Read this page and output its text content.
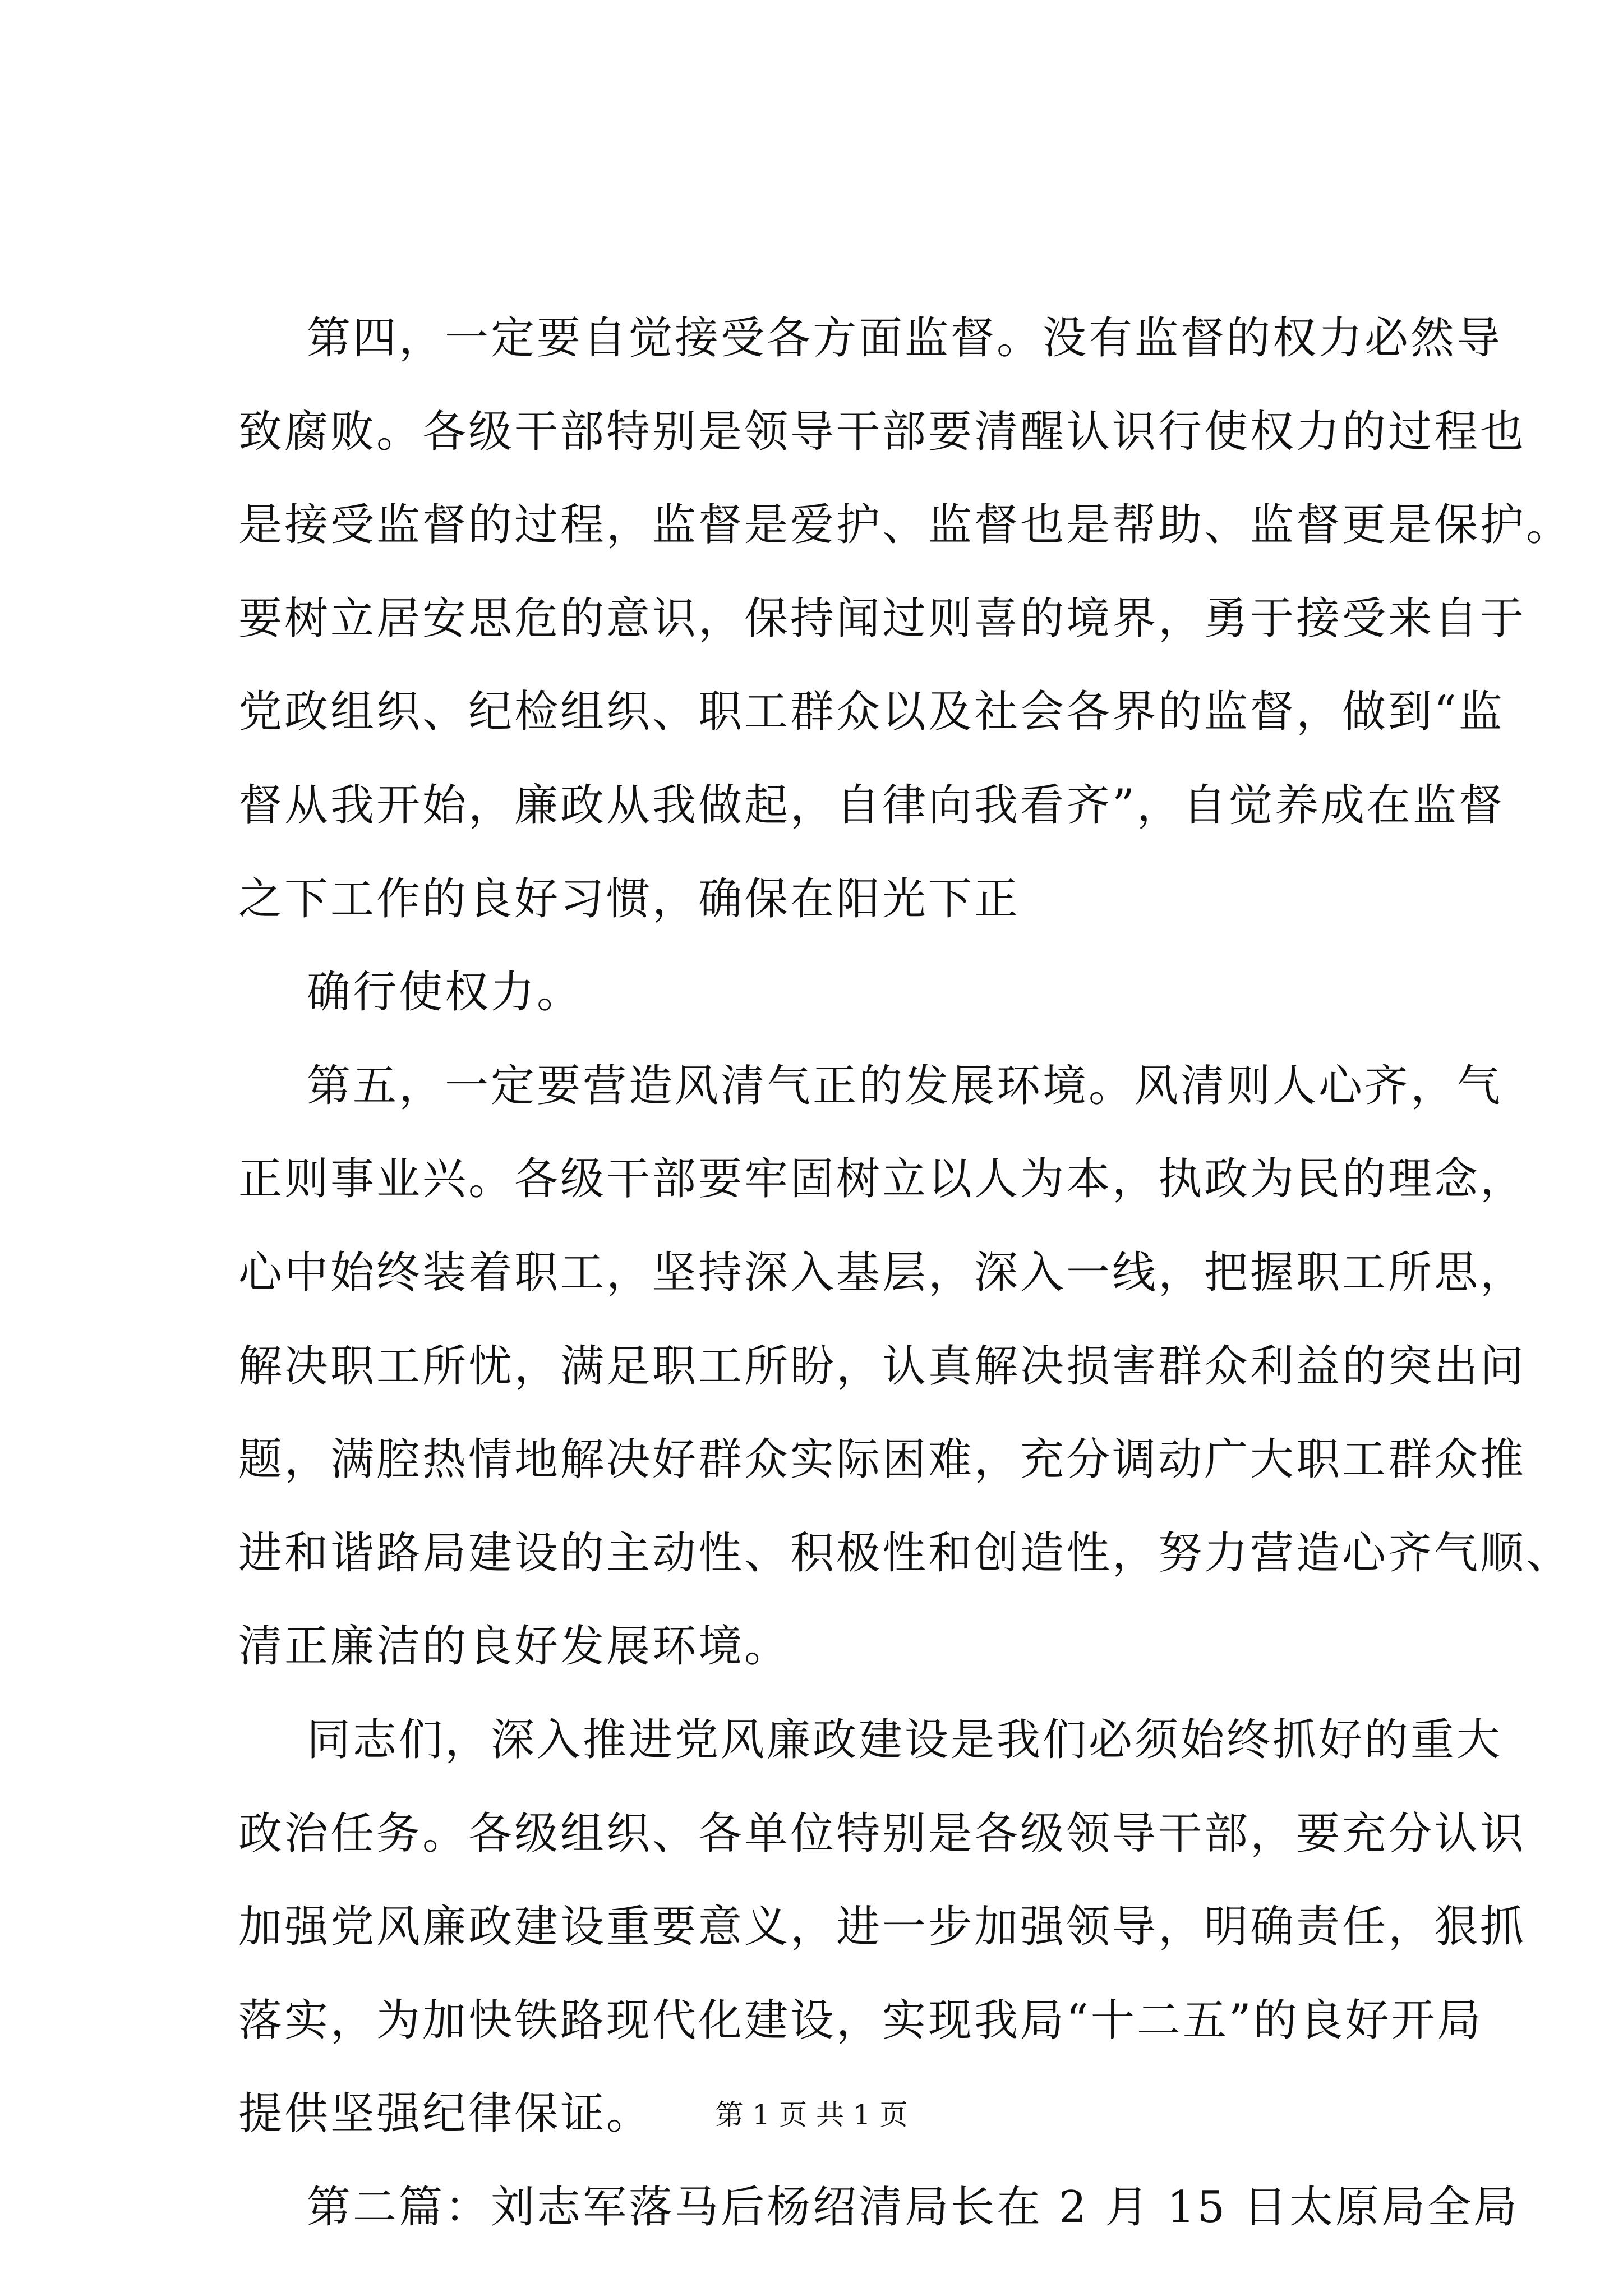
第四，一定要自觉接受各方面监督。没有监督的权力必然导
致腐败。各级干部特别是领导干部要清醒认识行使权力的过程也
是接受监督的过程，监督是爱护、监督也是帮助、监督更是保护。
要树立居安思危的意识，保持闻过则喜的境界，勇于接受来自于
党政组织、纪检组织、职工群众以及社会各界的监督，做到“监
督从我开始，廉政从我做起，自律向我看齐”，自觉养成在监督
之下工作的良好习惯，确保在阳光下正
确行使权力。
第五，一定要营造风清气正的发展环境。风清则人心齐，气
正则事业兴。各级干部要牢固树立以人为本，执政为民的理念，
心中始终装着职工，坚持深入基层，深入一线，把握职工所思，
解决职工所忧，满足职工所盼，认真解决损害群众利益的突出问
题，满腔热情地解决好群众实际困难，充分调动广大职工群众推
进和谐路局建设的主动性、积极性和创造性，努力营造心齐气顺、
清正廉洁的良好发展环境。
同志们，深入推进党风廉政建设是我们必须始终抓好的重大
政治任务。各级组织、各单位特别是各级领导干部，要充分认识
加强党风廉政建设重要意义，进一步加强领导，明确责任，狠抓
落实，为加快铁路现代化建设，实现我局“十二五”的良好开局
提供坚强纪律保证。
第二篇：刘志军落马后杨绍清局长在 2 月 15 日太原局全局
第 1 页 共 1 页
